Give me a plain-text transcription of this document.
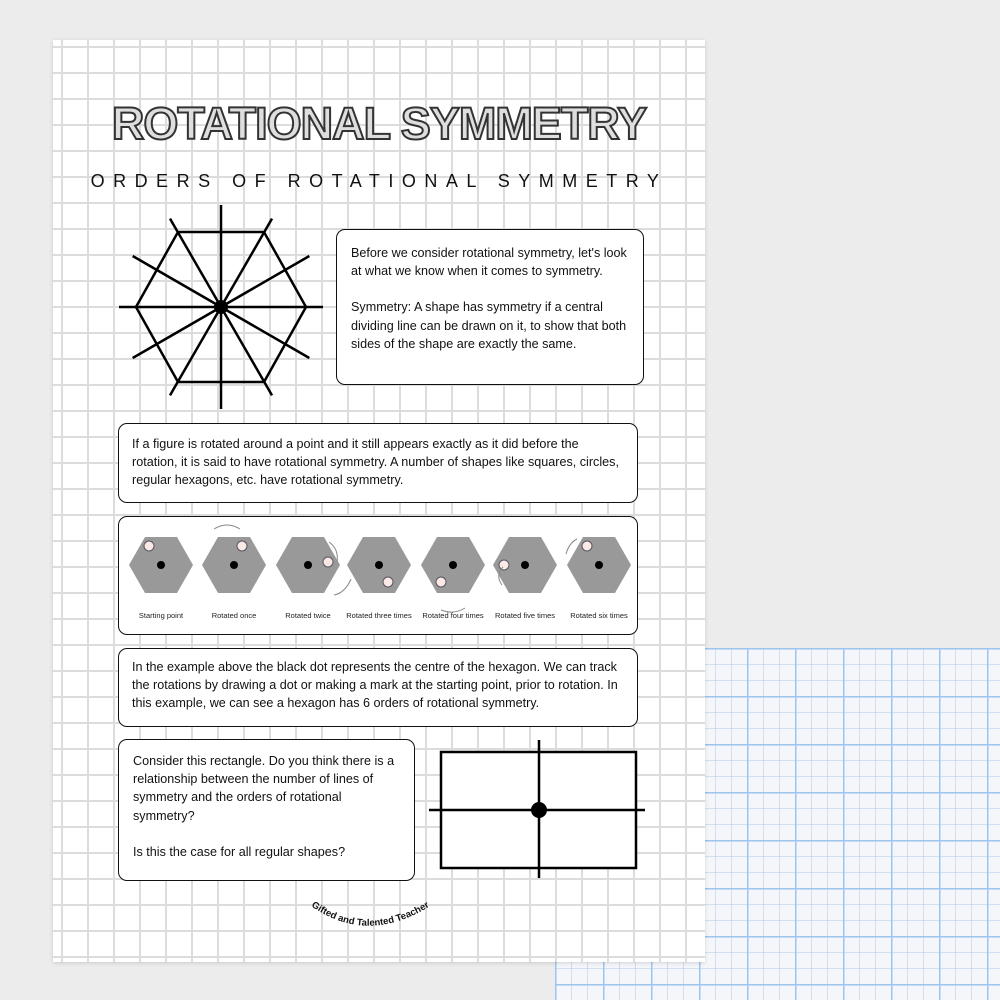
ROTATIONAL SYMMETRY
ORDERS OF ROTATIONAL SYMMETRY
Before we consider rotational symmetry, let's look at what we know when it comes to symmetry.
Symmetry: A shape has symmetry if a central dividing line can be drawn on it, to show that both sides of the shape are exactly the same.
If a figure is rotated around a point and it still appears exactly as it did before the rotation, it is said to have rotational symmetry. A number of shapes like squares, circles, regular hexagons, etc. have rotational symmetry.
Starting point	Rotated once	Rotated twice	Rotated three times	Rotated four times	Rotated five times	Rotated six times
In the example above the black dot represents the centre of the hexagon. We can track the rotations by drawing a dot or making a mark at the starting point, prior to rotation. In this example, we can see a hexagon has 6 orders of rotational symmetry.
Consider this rectangle. Do you think there is a relationship between the number of lines of symmetry and the orders of rotational symmetry?
Is this the case for all regular shapes?
Gifted and Talented Teacher
